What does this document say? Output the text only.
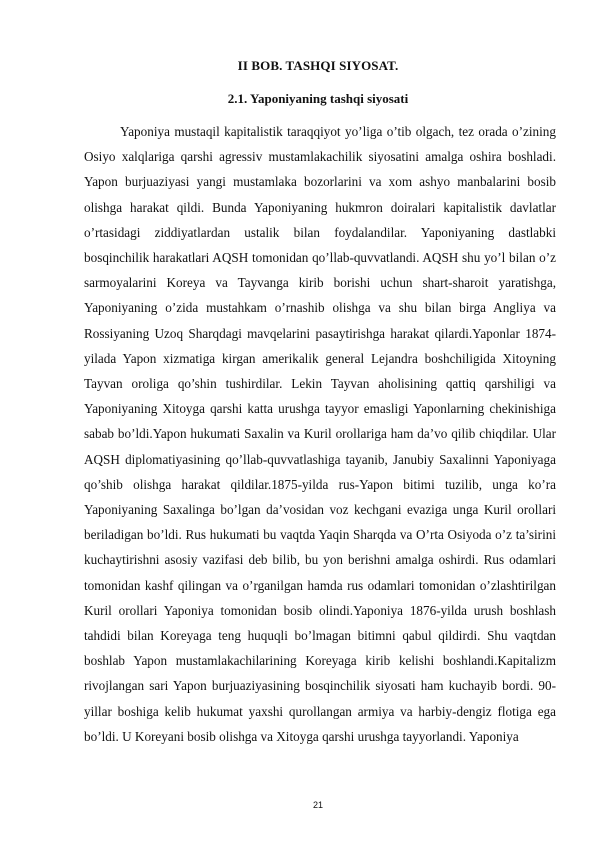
II BOB. TASHQI SIYOSAT.
2.1. Yaponiyaning tashqi siyosati

Yaponiya mustaqil kapitalistik taraqqiyot yo’liga o’tib olgach, tez orada o’zining Osiyo xalqlariga qarshi agressiv mustamlakachilik siyosatini amalga oshira boshladi. Yapon burjuaziyasi yangi mustamlaka bozorlarini va xom ashyo manbalarini bosib olishga harakat qildi. Bunda Yaponiyaning hukmron doiralari kapitalistik davlatlar o’rtasidagi ziddiyatlardan ustalik bilan foydalandilar. Yaponiyaning dastlabki bosqinchilik harakatlari AQSH tomonidan qo’llab-quvvatlandi. AQSH shu yo’l bilan o’z sarmoyalarini Koreya va Tayvanga kirib borishi uchun shart-sharoit yaratishga, Yaponiyaning o’zida mustahkam o’rnashib olishga va shu bilan birga Angliya va Rossiyaning Uzoq Sharqdagi mavqelarini pasaytirishga harakat qilardi.Yaponlar 1874-yilada Yapon xizmatiga kirgan amerikalik general Lejandra boshchiligida Xitoyning Tayvan oroliga qo’shin tushirdilar. Lekin Tayvan aholisining qattiq qarshiligi va Yaponiyaning Xitoyga qarshi katta urushga tayyor emasligi Yaponlarning chekinishiga sabab bo’ldi.Yapon hukumati Saxalin va Kuril orollariga ham da’vo qilib chiqdilar. Ular AQSH diplomatiyasining qo’llab-quvvatlashiga tayanib, Janubiy Saxalinni Yaponiyaga qo’shib olishga harakat qildilar.1875-yilda rus-Yapon bitimi tuzilib, unga ko’ra Yaponiyaning Saxalinga bo’lgan da’vosidan voz kechgani evaziga unga Kuril orollari beriladigan bo’ldi. Rus hukumati bu vaqtda Yaqin Sharqda va O’rta Osiyoda o’z ta’sirini kuchaytirishni asosiy vazifasi deb bilib, bu yon berishni amalga oshirdi. Rus odamlari tomonidan kashf qilingan va o’rganilgan hamda rus odamlari tomonidan o’zlashtirilgan Kuril orollari Yaponiya tomonidan bosib olindi.Yaponiya 1876-yilda urush boshlash tahdidi bilan Koreyaga teng huquqli bo’lmagan bitimni qabul qildirdi. Shu vaqtdan boshlab Yapon mustamlakachilarining Koreyaga kirib kelishi boshlandi.Kapitalizm rivojlangan sari Yapon burjuaziyasining bosqinchilik siyosati ham kuchayib bordi. 90-yillar boshiga kelib hukumat yaxshi qurollangan armiya va harbiy-dengiz flotiga ega bo’ldi. U Koreyani bosib olishga va Xitoyga qarshi urushga tayyorlandi. Yaponiya

21
